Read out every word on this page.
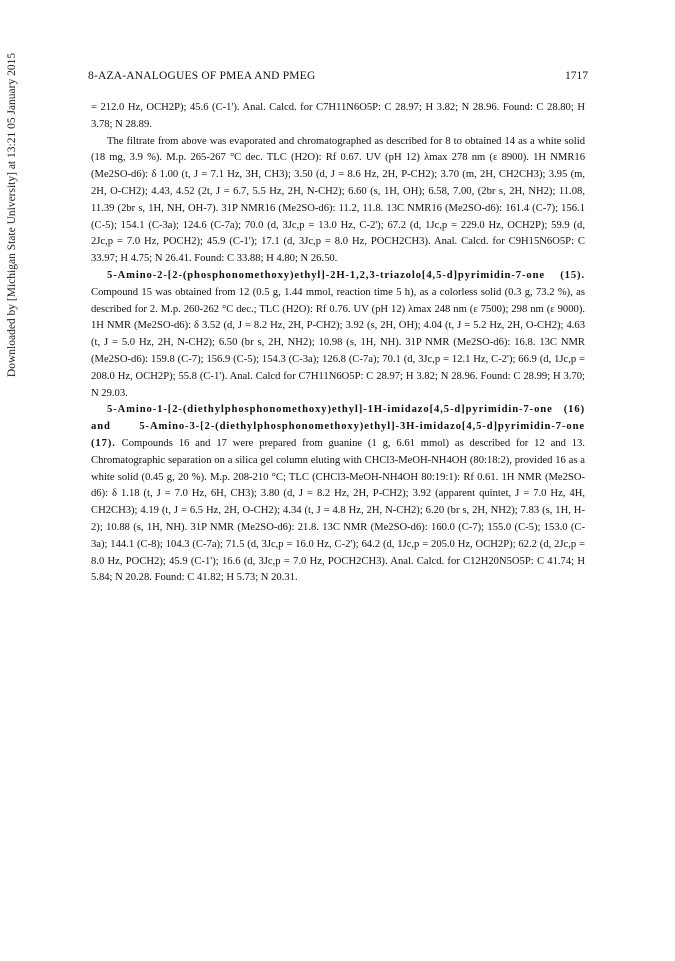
8-AZA-ANALOGUES OF PMEA AND PMEG	1717
Downloaded by [Michigan State University] at 13:21 05 January 2015	= 212.0 Hz, OCH2P); 45.6 (C-1'). Anal. Calcd. for C7H11N6O5P: C 28.97; H 3.82; N 28.96. Found: C 28.80; H 3.78; N 28.89.

The filtrate from above was evaporated and chromatographed as described for 8 to obtained 14 as a white solid (18 mg, 3.9 %). M.p. 265-267 °C dec. TLC (H2O): Rf 0.67. UV (pH 12) λmax 278 nm (ε 8900). 1H NMR16 (Me2SO-d6): δ 1.00 (t, J = 7.1 Hz, 3H, CH3); 3.50 (d, J = 8.6 Hz, 2H, P-CH2); 3.70 (m, 2H, CH2CH3); 3.95 (m, 2H, O-CH2); 4.43, 4.52 (2t, J = 6.7, 5.5 Hz, 2H, N-CH2); 6.60 (s, 1H, OH); 6.58, 7.00, (2br s, 2H, NH2); 11.08, 11.39 (2br s, 1H, NH, OH-7). 31P NMR16 (Me2SO-d6): 11.2, 11.8. 13C NMR16 (Me2SO-d6): 161.4 (C-7); 156.1 (C-5); 154.1 (C-3a); 124.6 (C-7a); 70.0 (d, 3Jc,p = 13.0 Hz, C-2'); 67.2 (d, 1Jc,p = 229.0 Hz, OCH2P); 59.9 (d, 2Jc,p = 7.0 Hz, POCH2); 45.9 (C-1'); 17.1 (d, 3Jc,p = 8.0 Hz, POCH2CH3). Anal. Calcd. for C9H15N6O5P: C 33.97; H 4.75; N 26.41. Found: C 33.88; H 4.80; N 26.50.

5-Amino-2-[2-(phosphonomethoxy)ethyl]-2H-1,2,3-triazolo[4,5-d]pyrimidin-7-one (15). Compound 15 was obtained from 12 (0.5 g, 1.44 mmol, reaction time 5 h), as a colorless solid (0.3 g, 73.2 %), as described for 2. M.p. 260-262 °C dec.; TLC (H2O): Rf 0.76. UV (pH 12) λmax 248 nm (ε 7500); 298 nm (ε 9000). 1H NMR (Me2SO-d6): δ 3.52 (d, J = 8.2 Hz, 2H, P-CH2); 3.92 (s, 2H, OH); 4.04 (t, J = 5.2 Hz, 2H, O-CH2); 4.63 (t, J = 5.0 Hz, 2H, N-CH2); 6.50 (br s, 2H, NH2); 10.98 (s, 1H, NH). 31P NMR (Me2SO-d6): 16.8. 13C NMR (Me2SO-d6): 159.8 (C-7); 156.9 (C-5); 154.3 (C-3a); 126.8 (C-7a); 70.1 (d, 3Jc,p = 12.1 Hz, C-2'); 66.9 (d, 1Jc,p = 208.0 Hz, OCH2P); 55.8 (C-1'). Anal. Calcd for C7H11N6O5P: C 28.97; H 3.82; N 28.96. Found: C 28.99; H 3.70; N 29.03.

5-Amino-1-[2-(diethylphosphonomethoxy)ethyl]-1H-imidazo[4,5-d]pyrimidin-7-one (16) and 5-Amino-3-[2-(diethylphosphonomethoxy)ethyl]-3H-imidazo[4,5-d]pyrimidin-7-one (17). Compounds 16 and 17 were prepared from guanine (1 g, 6.61 mmol) as described for 12 and 13. Chromatographic separation on a silica gel column eluting with CHCl3-MeOH-NH4OH (80:18:2), provided 16 as a white solid (0.45 g, 20 %). M.p. 208-210 °C; TLC (CHCl3-MeOH-NH4OH 80:19:1): Rf 0.61. 1H NMR (Me2SO-d6): δ 1.18 (t, J = 7.0 Hz, 6H, CH3); 3.80 (d, J = 8.2 Hz, 2H, P-CH2); 3.92 (apparent quintet, J = 7.0 Hz, 4H, CH2CH3); 4.19 (t, J = 6.5 Hz, 2H, O-CH2); 4.34 (t, J = 4.8 Hz, 2H, N-CH2); 6.20 (br s, 2H, NH2); 7.83 (s, 1H, H-2); 10.88 (s, 1H, NH). 31P NMR (Me2SO-d6): 21.8. 13C NMR (Me2SO-d6): 160.0 (C-7); 155.0 (C-5); 153.0 (C-3a); 144.1 (C-8); 104.3 (C-7a); 71.5 (d, 3Jc,p = 16.0 Hz, C-2'); 64.2 (d, 1Jc,p = 205.0 Hz, OCH2P); 62.2 (d, 2Jc,p = 8.0 Hz, POCH2); 45.9 (C-1'); 16.6 (d, 3Jc,p = 7.0 Hz, POCH2CH3). Anal. Calcd. for C12H20N5O5P: C 41.74; H 5.84; N 20.28. Found: C 41.82; H 5.73; N 20.31.
